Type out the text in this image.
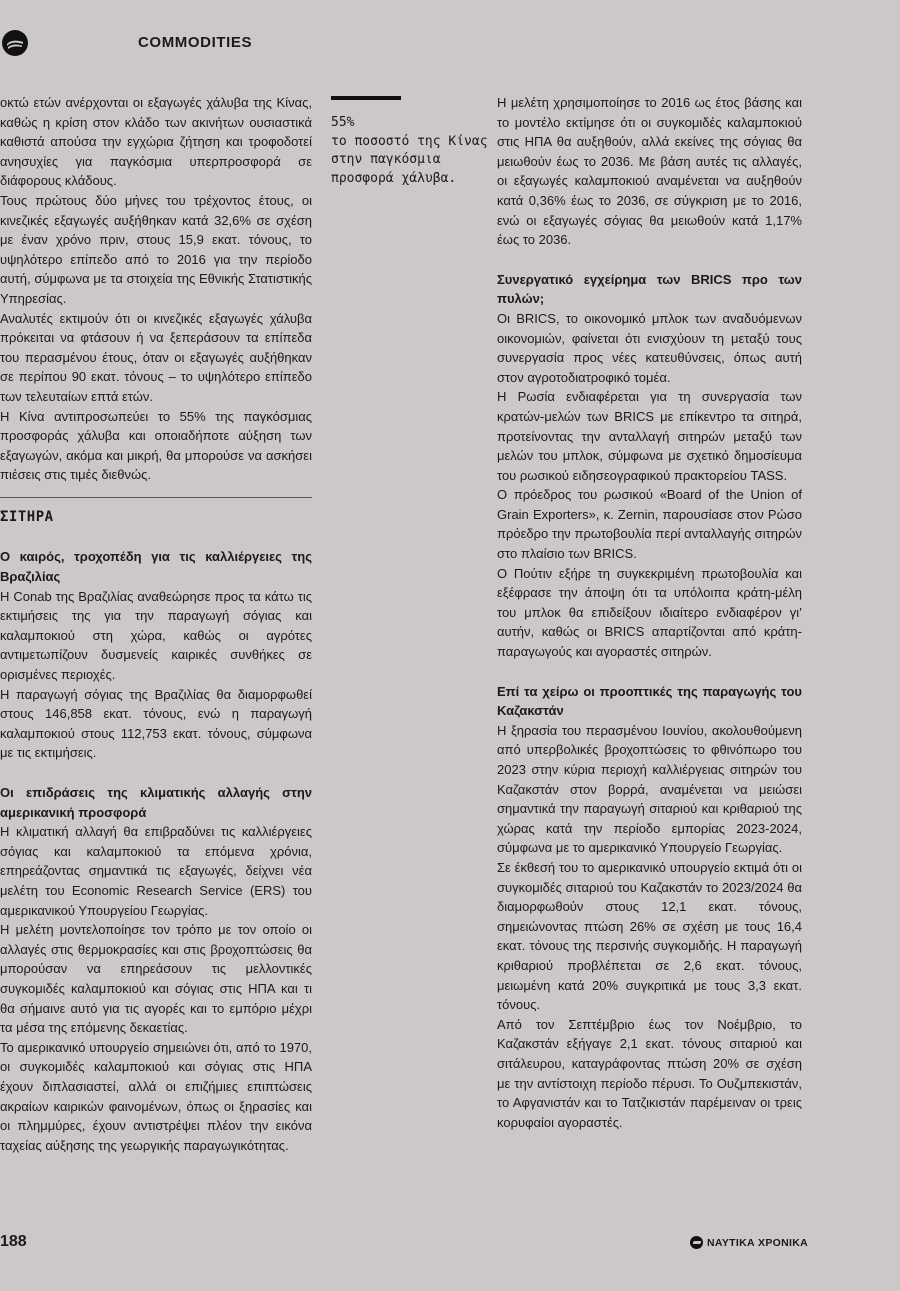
COMMODITIES

οκτώ ετών ανέρχονται οι εξαγωγές χάλυβα της Κίνας, καθώς η κρίση στον κλάδο των ακινήτων ουσιαστικά καθιστά απούσα την εγχώρια ζήτηση και τροφοδοτεί ανησυχίες για παγκόσμια υπερπροσφορά σε διάφορους κλάδους.

Τους πρώτους δύο μήνες του τρέχοντος έτους, οι κινεζικές εξαγωγές αυξήθηκαν κατά 32,6% σε σχέση με έναν χρόνο πριν, στους 15,9 εκατ. τόνους, το υψηλότερο επίπεδο από το 2016 για την περίοδο αυτή, σύμφωνα με τα στοιχεία της Εθνικής Στατιστικής Υπηρεσίας.

Αναλυτές εκτιμούν ότι οι κινεζικές εξαγωγές χάλυβα πρόκειται να φτάσουν ή να ξεπεράσουν τα επίπεδα του περασμένου έτους, όταν οι εξαγωγές αυξήθηκαν σε περίπου 90 εκατ. τόνους – το υψηλότερο επίπεδο των τελευταίων επτά ετών.

Η Κίνα αντιπροσωπεύει το 55% της παγκόσμιας προσφοράς χάλυβα και οποιαδήποτε αύξηση των εξαγωγών, ακόμα και μικρή, θα μπορούσε να ασκήσει πιέσεις στις τιμές διεθνώς.

ΣΙΤΗΡΑ

Ο καιρός, τροχοπέδη για τις καλλιέργειες της Βραζιλίας

Η Conab της Βραζιλίας αναθεώρησε προς τα κάτω τις εκτιμήσεις της για την παραγωγή σόγιας και καλαμποκιού στη χώρα, καθώς οι αγρότες αντιμετωπίζουν δυσμενείς καιρικές συνθήκες σε ορισμένες περιοχές.

Η παραγωγή σόγιας της Βραζιλίας θα διαμορφωθεί στους 146,858 εκατ. τόνους, ενώ η παραγωγή καλαμποκιού στους 112,753 εκατ. τόνους, σύμφωνα με τις εκτιμήσεις.

Οι επιδράσεις της κλιματικής αλλαγής στην αμερικανική προσφορά

Η κλιματική αλλαγή θα επιβραδύνει τις καλλιέργειες σόγιας και καλαμποκιού τα επόμενα χρόνια, επηρεάζοντας σημαντικά τις εξαγωγές, δείχνει νέα μελέτη του Economic Research Service (ERS) του αμερικανικού Υπουργείου Γεωργίας.

Η μελέτη μοντελοποίησε τον τρόπο με τον οποίο οι αλλαγές στις θερμοκρασίες και στις βροχοπτώσεις θα μπορούσαν να επηρεάσουν τις μελλοντικές συγκομιδές καλαμποκιού και σόγιας στις ΗΠΑ και τι θα σήμαινε αυτό για τις αγορές και το εμπόριο μέχρι τα μέσα της επόμενης δεκαετίας.

Το αμερικανικό υπουργείο σημειώνει ότι, από το 1970, οι συγκομιδές καλαμποκιού και σόγιας στις ΗΠΑ έχουν διπλασιαστεί, αλλά οι επιζήμιες επιπτώσεις ακραίων καιρικών φαινομένων, όπως οι ξηρασίες και οι πλημμύρες, έχουν αντιστρέψει πλέον την εικόνα ταχείας αύξησης της γεωργικής παραγωγικότητας.

55%

το ποσοστό της Κίνας στην παγκόσμια προσφορά χάλυβα.

Η μελέτη χρησιμοποίησε το 2016 ως έτος βάσης και το μοντέλο εκτίμησε ότι οι συγκομιδές καλαμποκιού στις ΗΠΑ θα αυξηθούν, αλλά εκείνες της σόγιας θα μειωθούν έως το 2036. Με βάση αυτές τις αλλαγές, οι εξαγωγές καλαμποκιού αναμένεται να αυξηθούν κατά 0,36% έως το 2036, σε σύγκριση με το 2016, ενώ οι εξαγωγές σόγιας θα μειωθούν κατά 1,17% έως το 2036.

Συνεργατικό εγχείρημα των BRICS προ των πυλών;

Οι BRICS, το οικονομικό μπλοκ των αναδυόμενων οικονομιών, φαίνεται ότι ενισχύουν τη μεταξύ τους συνεργασία προς νέες κατευθύνσεις, όπως αυτή στον αγροτοδιατροφικό τομέα.

Η Ρωσία ενδιαφέρεται για τη συνεργασία των κρατών-μελών των BRICS με επίκεντρο τα σιτηρά, προτείνοντας την ανταλλαγή σιτηρών μεταξύ των μελών του μπλοκ, σύμφωνα με σχετικό δημοσίευμα του ρωσικού ειδησεογραφικού πρακτορείου TASS.

Ο πρόεδρος του ρωσικού «Board of the Union of Grain Exporters», κ. Zernin, παρουσίασε στον Ρώσο πρόεδρο την πρωτοβουλία περί ανταλλαγής σιτηρών στο πλαίσιο των BRICS.

Ο Πούτιν εξήρε τη συγκεκριμένη πρωτοβουλία και εξέφρασε την άποψη ότι τα υπόλοιπα κράτη-μέλη του μπλοκ θα επιδείξουν ιδιαίτερο ενδιαφέρον γι’ αυτήν, καθώς οι BRICS απαρτίζονται από κράτη-παραγωγούς και αγοραστές σιτηρών.

Επί τα χείρω οι προοπτικές της παραγωγής του Καζακστάν

Η ξηρασία του περασμένου Ιουνίου, ακολουθούμενη από υπερβολικές βροχοπτώσεις το φθινόπωρο του 2023 στην κύρια περιοχή καλλιέργειας σιτηρών του Καζακστάν στον βορρά, αναμένεται να μειώσει σημαντικά την παραγωγή σιταριού και κριθαριού της χώρας κατά την περίοδο εμπορίας 2023-2024, σύμφωνα με το αμερικανικό Υπουργείο Γεωργίας.

Σε έκθεσή του το αμερικανικό υπουργείο εκτιμά ότι οι συγκομιδές σιταριού του Καζακστάν το 2023/2024 θα διαμορφωθούν στους 12,1 εκατ. τόνους, σημειώνοντας πτώση 26% σε σχέση με τους 16,4 εκατ. τόνους της περσινής συγκομιδής. Η παραγωγή κριθαριού προβλέπεται σε 2,6 εκατ. τόνους, μειωμένη κατά 20% συγκριτικά με τους 3,3 εκατ. τόνους.

Από τον Σεπτέμβριο έως τον Νοέμβριο, το Καζακστάν εξήγαγε 2,1 εκατ. τόνους σιταριού και σιτάλευρου, καταγράφοντας πτώση 20% σε σχέση με την αντίστοιχη περίοδο πέρυσι. Το Ουζμπεκιστάν, το Αφγανιστάν και το Τατζικιστάν παρέμειναν οι τρεις κορυφαίοι αγοραστές.

188	ΝΑΥΤΙΚΑ ΧΡΟΝΙΚΑ
